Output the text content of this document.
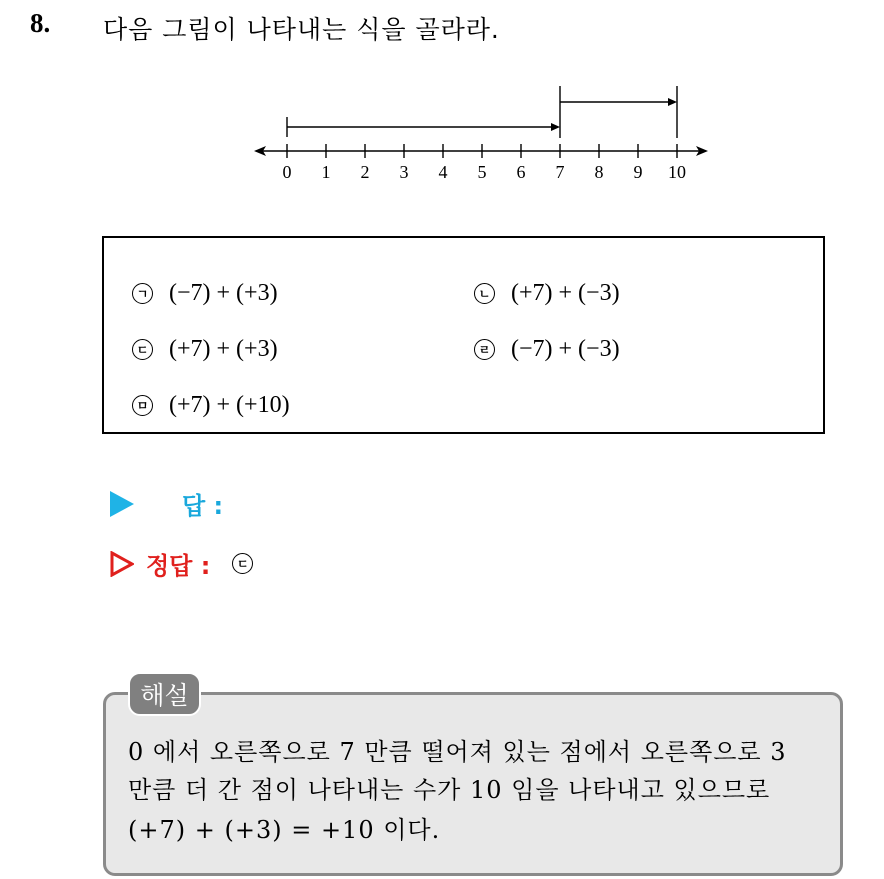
8. 다음 그림이 나타내는 식을 골라라.
0 1 2 3 4 5 6 7 8 9 10
ㄱ (−7) + (+3)	ㄴ (+7) + (−3)
ㄷ (+7) + (+3)	ㄹ (−7) + (−3)
ㅁ (+7) + (+10)
답 :
정답 :	ㄷ
해설
0 에서 오른쪽으로 7 만큼 떨어져 있는 점에서 오른쪽으로 3
만큼 더 간 점이 나타내는 수가 10 임을 나타내고 있으므로
(+7) + (+3) = +10 이다.
